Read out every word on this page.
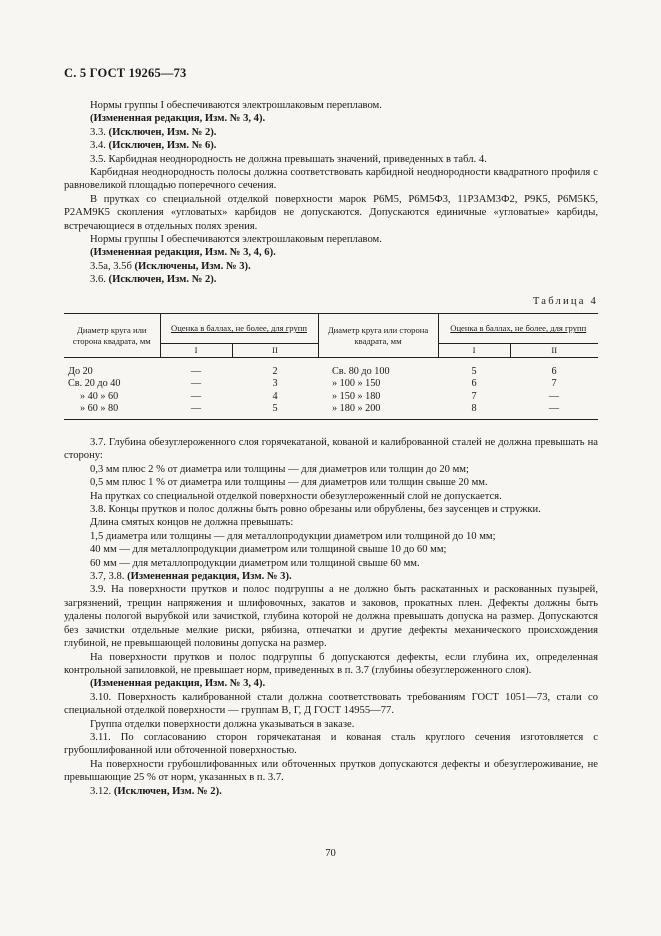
С. 5 ГОСТ 19265—73

Нормы группы I обеспечиваются электрошлаковым переплавом.

(Измененная редакция, Изм. № 3, 4).

3.3. (Исключен, Изм. № 2).

3.4. (Исключен, Изм. № 6).

3.5. Карбидная неоднородность не должна превышать значений, приведенных в табл. 4.

Карбидная неоднородность полосы должна соответствовать карбидной неоднородности квадратного профиля с равновеликой площадью поперечного сечения.

В прутках со специальной отделкой поверхности марок Р6М5, Р6М5Ф3, 11Р3АМ3Ф2, Р9К5, Р6М5К5, Р2АМ9К5 скопления «угловатых» карбидов не допускаются. Допускаются единичные «угловатые» карбиды, встречающиеся в отдельных полях зрения.

Нормы группы I обеспечиваются электрошлаковым переплавом.

(Измененная редакция, Изм. № 3, 4, 6).

3.5а, 3.5б (Исключены, Изм. № 3).

3.6. (Исключен, Изм. № 2).

Таблица 4
Диаметр круга или сторона квадрата, мм	Оценка в баллах, не более, для групп		Диаметр круга или сторона квадрата, мм	Оценка в баллах, не более, для групп	
	I	II		I	II

До 20	—	2	Св. 80 до 100	5	6
Св. 20 до 40	—	3	» 100 » 150	6	7
» 40 » 60	—	4	» 150 » 180	7	—
» 60 » 80	—	5	» 180 » 200	8	—

3.7. Глубина обезуглероженного слоя горячекатаной, кованой и калиброванной сталей не должна превышать на сторону:

0,3 мм плюс 2 % от диаметра или толщины — для диаметров или толщин до 20 мм;

0,5 мм плюс 1 % от диаметра или толщины — для диаметров или толщин свыше 20 мм.

На прутках со специальной отделкой поверхности обезуглероженный слой не допускается.

3.8. Концы прутков и полос должны быть ровно обрезаны или обрублены, без заусенцев и стружки.

Длина смятых концов не должна превышать:

1,5 диаметра или толщины — для металлопродукции диаметром или толщиной до 10 мм;

40 мм — для металлопродукции диаметром или толщиной свыше 10 до 60 мм;

60 мм — для металлопродукции диаметром или толщиной свыше 60 мм.

3.7, 3.8. (Измененная редакция, Изм. № 3).

3.9. На поверхности прутков и полос подгруппы а не должно быть раскатанных и раскованных пузырей, загрязнений, трещин напряжения и шлифовочных, закатов и заковов, прокатных плен. Дефекты должны быть удалены пологой вырубкой или зачисткой, глубина которой не должна превышать допуска на размер. Допускаются без зачистки отдельные мелкие риски, рябизна, отпечатки и другие дефекты механического происхождения глубиной, не превышающей половины допуска на размер.

На поверхности прутков и полос подгруппы б допускаются дефекты, если глубина их, определенная контрольной запиловкой, не превышает норм, приведенных в п. 3.7 (глубины обезуглероженного слоя).

(Измененная редакция, Изм. № 3, 4).

3.10. Поверхность калиброванной стали должна соответствовать требованиям ГОСТ 1051—73, стали со специальной отделкой поверхности — группам В, Г, Д ГОСТ 14955—77.

Группа отделки поверхности должна указываться в заказе.

3.11. По согласованию сторон горячекатаная и кованая сталь круглого сечения изготовляется с грубошлифованной или обточенной поверхностью.

На поверхности грубошлифованных или обточенных прутков допускаются дефекты и обезуглероживание, не превышающие 25 % от норм, указанных в п. 3.7.

3.12. (Исключен, Изм. № 2).

70
